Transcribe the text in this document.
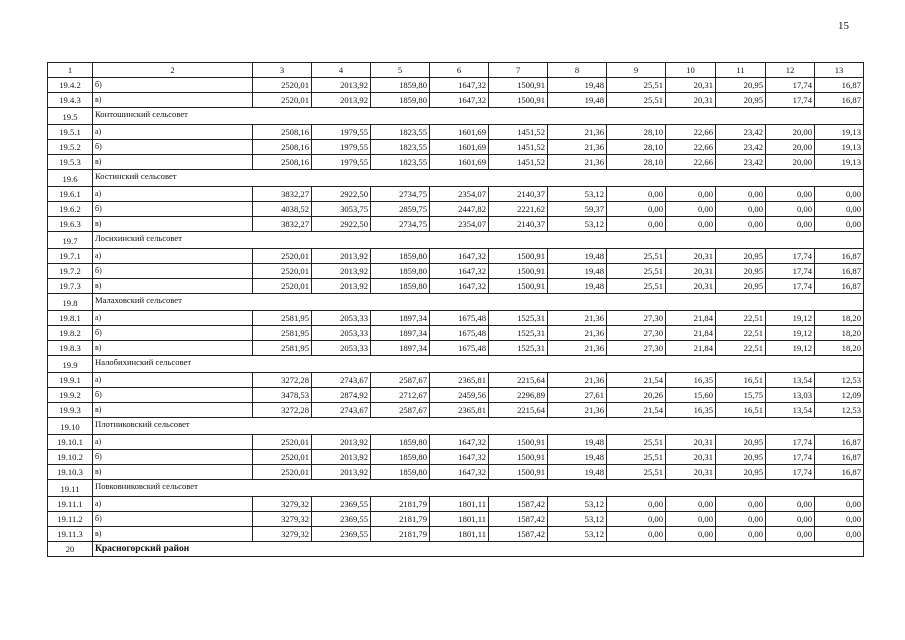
15
1	2	3	4	5	6	7	8	9	10	11	12	13
19.4.2	б)	2520,01	2013,92	1859,80	1647,32	1500,91	19,48	25,51	20,31	20,95	17,74	16,87
19.4.3	в)	2520,01	2013,92	1859,80	1647,32	1500,91	19,48	25,51	20,31	20,95	17,74	16,87
19.5	Контошинский сельсовет											
19.5.1	а)	2508,16	1979,55	1823,55	1601,69	1451,52	21,36	28,10	22,66	23,42	20,00	19,13
19.5.2	б)	2508,16	1979,55	1823,55	1601,69	1451,52	21,36	28,10	22,66	23,42	20,00	19,13
19.5.3	в)	2508,16	1979,55	1823,55	1601,69	1451,52	21,36	28,10	22,66	23,42	20,00	19,13
19.6	Костинский сельсовет											
19.6.1	а)	3832,27	2922,50	2734,75	2354,07	2140,37	53,12	0,00	0,00	0,00	0,00	0,00
19.6.2	б)	4038,52	3053,75	2859,75	2447,82	2221,62	59,37	0,00	0,00	0,00	0,00	0,00
19.6.3	в)	3832,27	2922,50	2734,75	2354,07	2140,37	53,12	0,00	0,00	0,00	0,00	0,00
19.7	Лосихинский сельсовет											
19.7.1	а)	2520,01	2013,92	1859,80	1647,32	1500,91	19,48	25,51	20,31	20,95	17,74	16,87
19.7.2	б)	2520,01	2013,92	1859,80	1647,32	1500,91	19,48	25,51	20,31	20,95	17,74	16,87
19.7.3	в)	2520,01	2013,92	1859,80	1647,32	1500,91	19,48	25,51	20,31	20,95	17,74	16,87
19.8	Малаховский сельсовет											
19.8.1	а)	2581,95	2053,33	1897,34	1675,48	1525,31	21,36	27,30	21,84	22,51	19,12	18,20
19.8.2	б)	2581,95	2053,33	1897,34	1675,48	1525,31	21,36	27,30	21,84	22,51	19,12	18,20
19.8.3	в)	2581,95	2053,33	1897,34	1675,48	1525,31	21,36	27,30	21,84	22,51	19,12	18,20
19.9	Налобихинский сельсовет											
19.9.1	а)	3272,28	2743,67	2587,67	2365,81	2215,64	21,36	21,54	16,35	16,51	13,54	12,53
19.9.2	б)	3478,53	2874,92	2712,67	2459,56	2296,89	27,61	20,26	15,60	15,75	13,03	12,09
19.9.3	в)	3272,28	2743,67	2587,67	2365,81	2215,64	21,36	21,54	16,35	16,51	13,54	12,53
19.10	Плотниковский сельсовет											
19.10.1	а)	2520,01	2013,92	1859,80	1647,32	1500,91	19,48	25,51	20,31	20,95	17,74	16,87
19.10.2	б)	2520,01	2013,92	1859,80	1647,32	1500,91	19,48	25,51	20,31	20,95	17,74	16,87
19.10.3	в)	2520,01	2013,92	1859,80	1647,32	1500,91	19,48	25,51	20,31	20,95	17,74	16,87
19.11	Повковниковский сельсовет											
19.11.1	а)	3279,32	2369,55	2181,79	1801,11	1587,42	53,12	0,00	0,00	0,00	0,00	0,00
19.11.2	б)	3279,32	2369,55	2181,79	1801,11	1587,42	53,12	0,00	0,00	0,00	0,00	0,00
19.11.3	в)	3279,32	2369,55	2181,79	1801,11	1587,42	53,12	0,00	0,00	0,00	0,00	0,00
20	Красногорский район											
